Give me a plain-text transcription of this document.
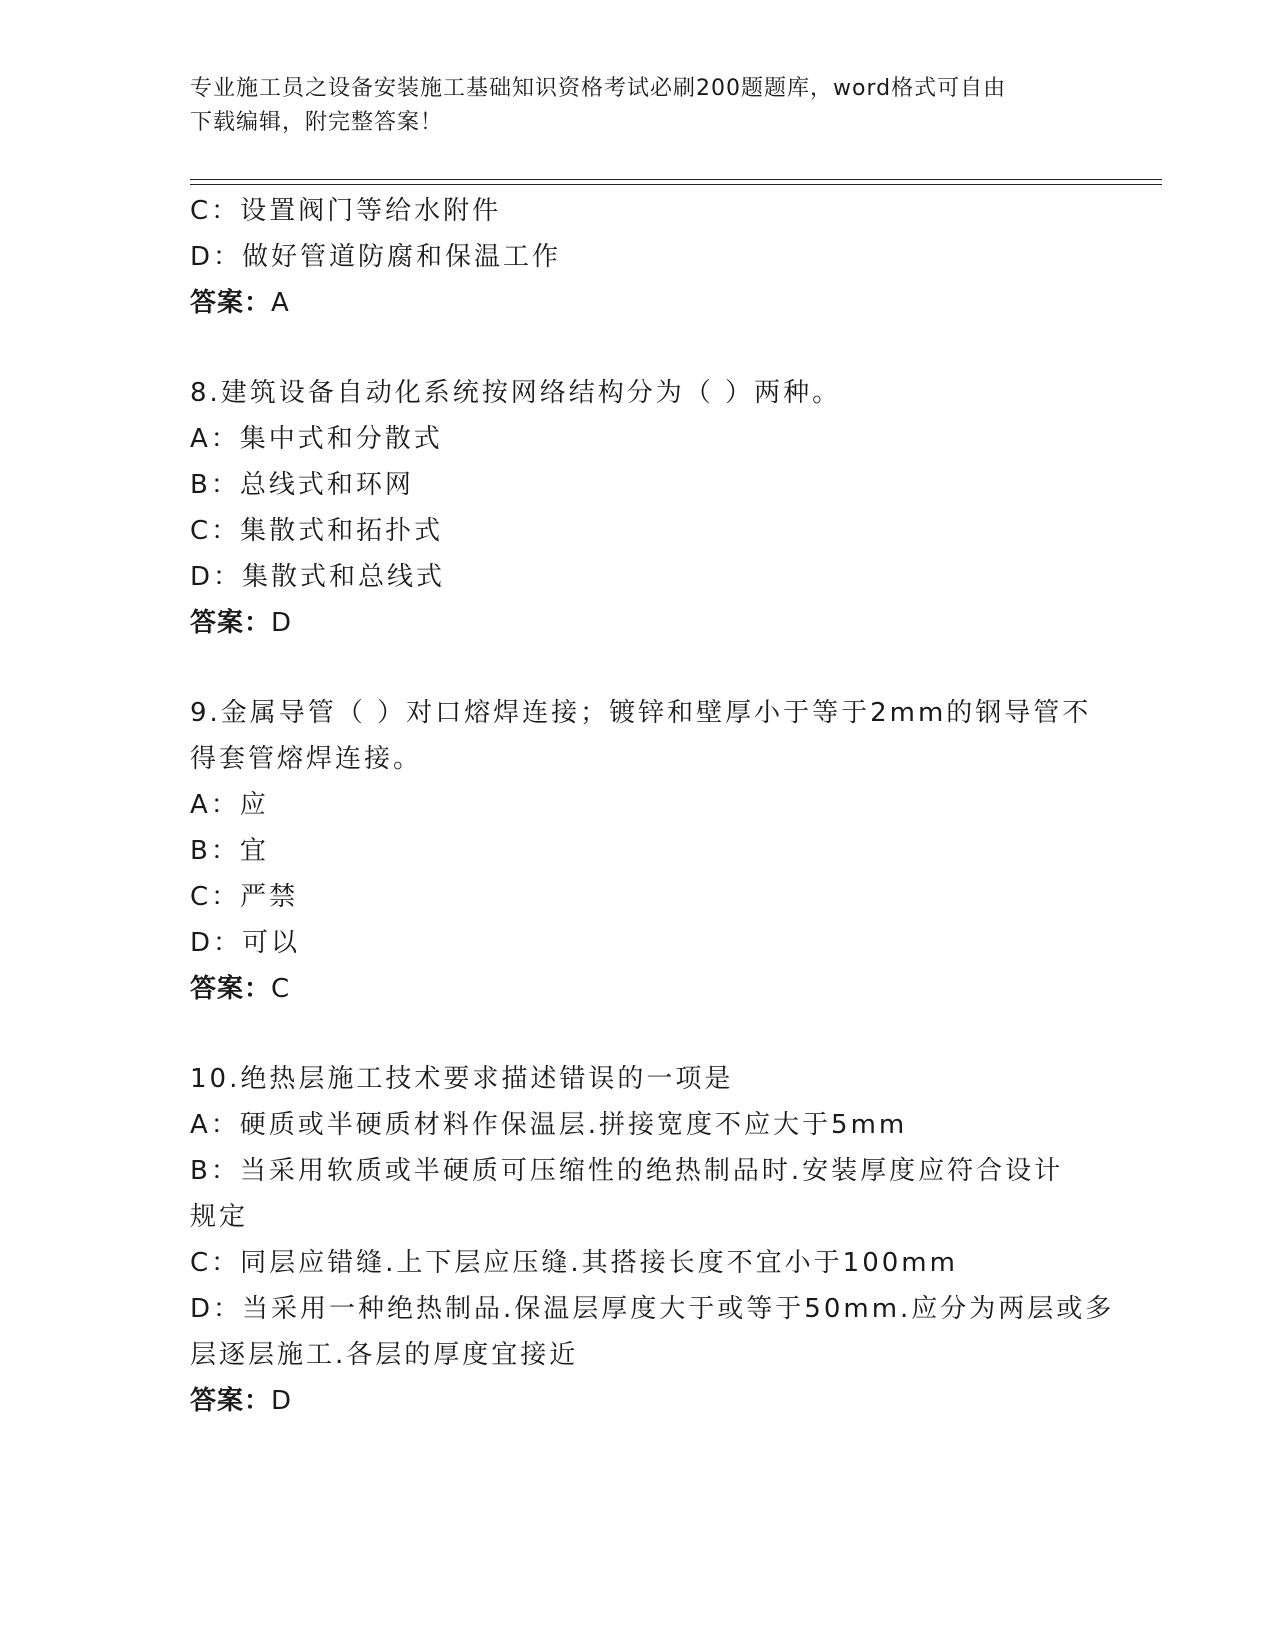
专业施工员之设备安装施工基础知识资格考试必刷200题题库，word格式可自由
下载编辑，附完整答案！
C：设置阀门等给水附件
D：做好管道防腐和保温工作
答案：A
8.建筑设备自动化系统按网络结构分为（ ）两种。
A：集中式和分散式
B：总线式和环网
C：集散式和拓扑式
D：集散式和总线式
答案：D
9.金属导管（ ）对口熔焊连接；镀锌和壁厚小于等于2mm的钢导管不
得套管熔焊连接。
A：应
B：宜
C：严禁
D：可以
答案：C
10.绝热层施工技术要求描述错误的一项是
A：硬质或半硬质材料作保温层.拼接宽度不应大于5mm
B：当采用软质或半硬质可压缩性的绝热制品时.安装厚度应符合设计
规定
C：同层应错缝.上下层应压缝.其搭接长度不宜小于100mm
D：当采用一种绝热制品.保温层厚度大于或等于50mm.应分为两层或多
层逐层施工.各层的厚度宜接近
答案：D
